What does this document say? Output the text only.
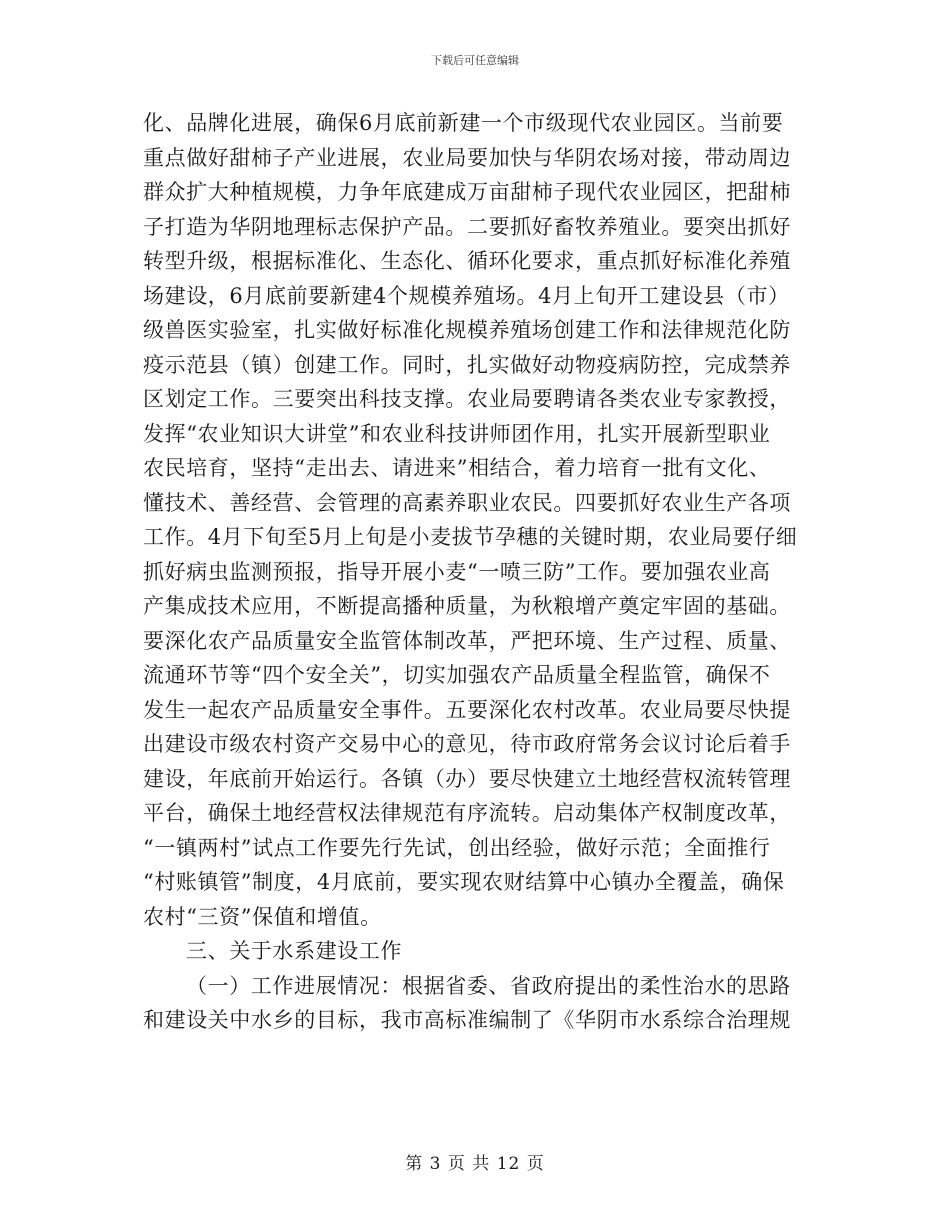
下载后可任意编辑
化、品牌化进展，确保6月底前新建一个市级现代农业园区。当前要
重点做好甜柿子产业进展，农业局要加快与华阴农场对接，带动周边
群众扩大种植规模，力争年底建成万亩甜柿子现代农业园区，把甜柿
子打造为华阴地理标志保护产品。二要抓好畜牧养殖业。要突出抓好
转型升级，根据标准化、生态化、循环化要求，重点抓好标准化养殖
场建设，6月底前要新建4个规模养殖场。4月上旬开工建设县（市）
级兽医实验室，扎实做好标准化规模养殖场创建工作和法律规范化防
疫示范县（镇）创建工作。同时，扎实做好动物疫病防控，完成禁养
区划定工作。三要突出科技支撑。农业局要聘请各类农业专家教授，
发挥“农业知识大讲堂”和农业科技讲师团作用，扎实开展新型职业
农民培育，坚持“走出去、请进来”相结合，着力培育一批有文化、
懂技术、善经营、会管理的高素养职业农民。四要抓好农业生产各项
工作。4月下旬至5月上旬是小麦拔节孕穗的关键时期，农业局要仔细
抓好病虫监测预报，指导开展小麦“一喷三防”工作。要加强农业高
产集成技术应用，不断提高播种质量，为秋粮增产奠定牢固的基础。
要深化农产品质量安全监管体制改革，严把环境、生产过程、质量、
流通环节等“四个安全关”，切实加强农产品质量全程监管，确保不
发生一起农产品质量安全事件。五要深化农村改革。农业局要尽快提
出建设市级农村资产交易中心的意见，待市政府常务会议讨论后着手
建设，年底前开始运行。各镇（办）要尽快建立土地经营权流转管理
平台，确保土地经营权法律规范有序流转。启动集体产权制度改革，
“一镇两村”试点工作要先行先试，创出经验，做好示范；全面推行
“村账镇管”制度，4月底前，要实现农财结算中心镇办全覆盖，确保
农村“三资”保值和增值。
三、关于水系建设工作
（一）工作进展情况：根据省委、省政府提出的柔性治水的思路
和建设关中水乡的目标，我市高标准编制了《华阴市水系综合治理规
第 3 页 共 12 页
